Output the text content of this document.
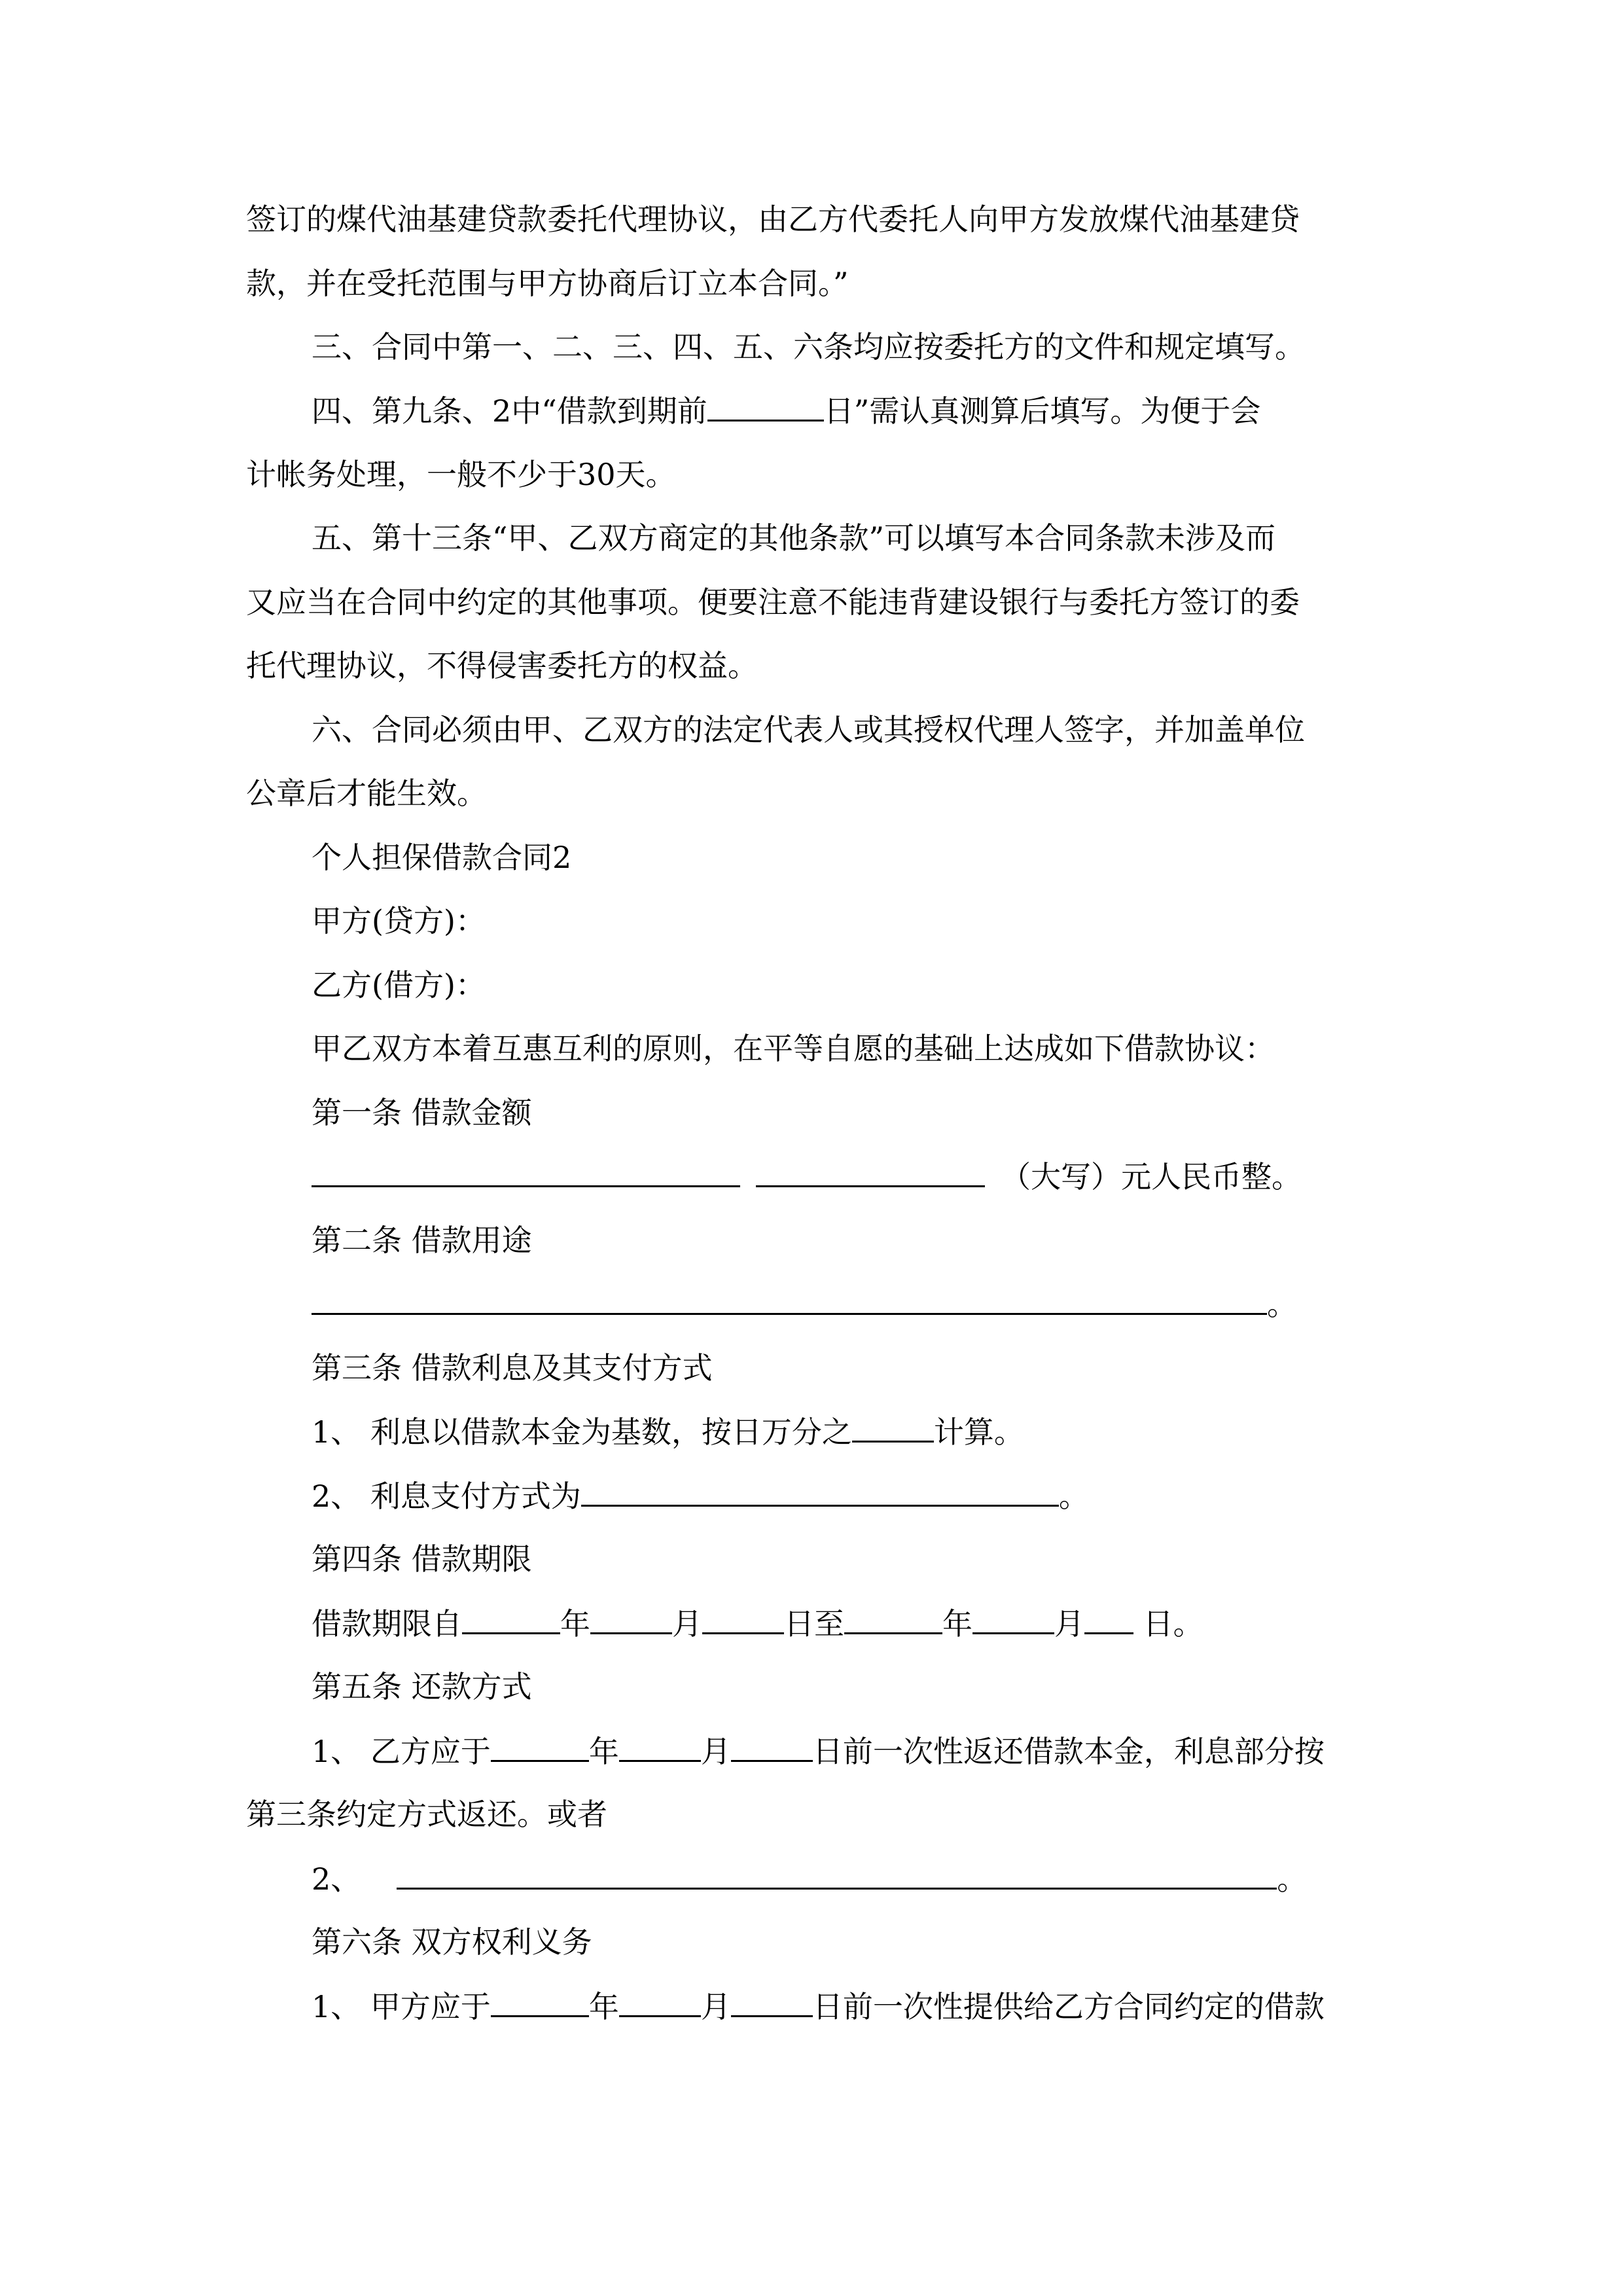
签订的煤代油基建贷款委托代理协议，由乙方代委托人向甲方发放煤代油基建贷
款，并在受托范围与甲方协商后订立本合同。”
三、合同中第一、二、三、四、五、六条均应按委托方的文件和规定填写。
四、第九条、2中“借款到期前	日”需认真测算后填写。为便于会
计帐务处理，一般不少于30天。
五、第十三条“甲、乙双方商定的其他条款”可以填写本合同条款未涉及而
又应当在合同中约定的其他事项。便要注意不能违背建设银行与委托方签订的委
托代理协议，不得侵害委托方的权益。
六、合同必须由甲、乙双方的法定代表人或其授权代理人签字，并加盖单位
公章后才能生效。
个人担保借款合同2
甲方(贷方)：
乙方(借方)：
甲乙双方本着互惠互利的原则，在平等自愿的基础上达成如下借款协议：
第一条 借款金额
（大写）元人民币整。
第二条 借款用途
。
第三条 借款利息及其支付方式
1、 利息以借款本金为基数，按日万分之	计算。
2、 利息支付方式为	。
第四条 借款期限
借款期限自	年	月	日至	年	月 日。
第五条 还款方式
1、 乙方应于	年	月	日前一次性返还借款本金，利息部分按
第三条约定方式返还。或者
2、	。
第六条 双方权利义务
1、 甲方应于	年	月	日前一次性提供给乙方合同约定的借款
